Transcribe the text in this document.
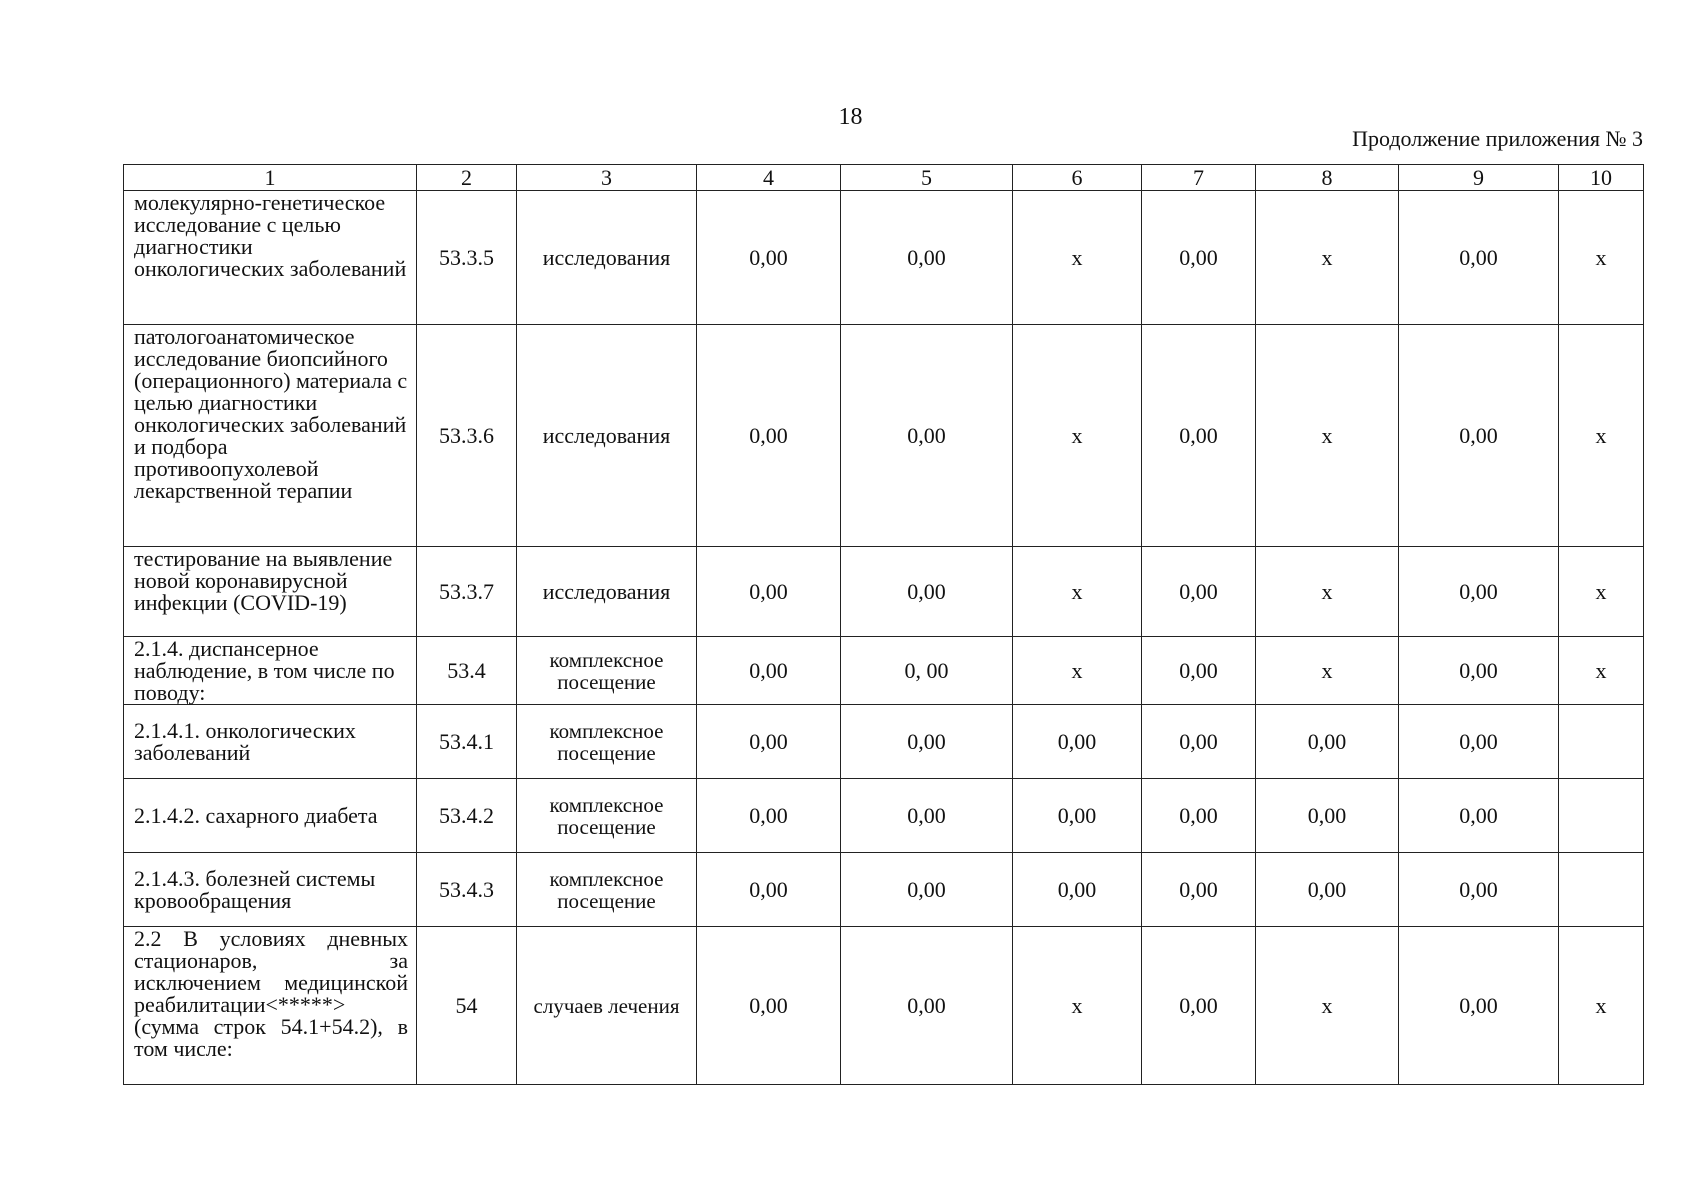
18
Продолжение приложения № 3
1	2	3	4	5	6	7	8	9	10
молекулярно-генетическое исследование с целью диагностики онкологических заболеваний	53.3.5	исследования	0,00	0,00	x	0,00	x	0,00	x
патологоанатомическое исследование биопсийного (операционного) материала с целью диагностики онкологических заболеваний и подбора противоопухолевой лекарственной терапии	53.3.6	исследования	0,00	0,00	x	0,00	x	0,00	x
тестирование на выявление новой коронавирусной инфекции (COVID-19)	53.3.7	исследования	0,00	0,00	x	0,00	x	0,00	x
2.1.4. диспансерное наблюдение, в том числе по поводу:	53.4	комплексное посещение	0,00	0, 00	x	0,00	x	0,00	x
2.1.4.1. онкологических заболеваний	53.4.1	комплексное посещение	0,00	0,00	0,00	0,00	0,00	0,00	
2.1.4.2. сахарного диабета	53.4.2	комплексное посещение	0,00	0,00	0,00	0,00	0,00	0,00	
2.1.4.3. болезней системы кровообращения	53.4.3	комплексное посещение	0,00	0,00	0,00	0,00	0,00	0,00	
2.2 В условиях дневных стационаров, за исключением медицинской реабилитации<*****> (сумма строк 54.1+54.2), в том числе:	54	случаев лечения	0,00	0,00	x	0,00	x	0,00	x
